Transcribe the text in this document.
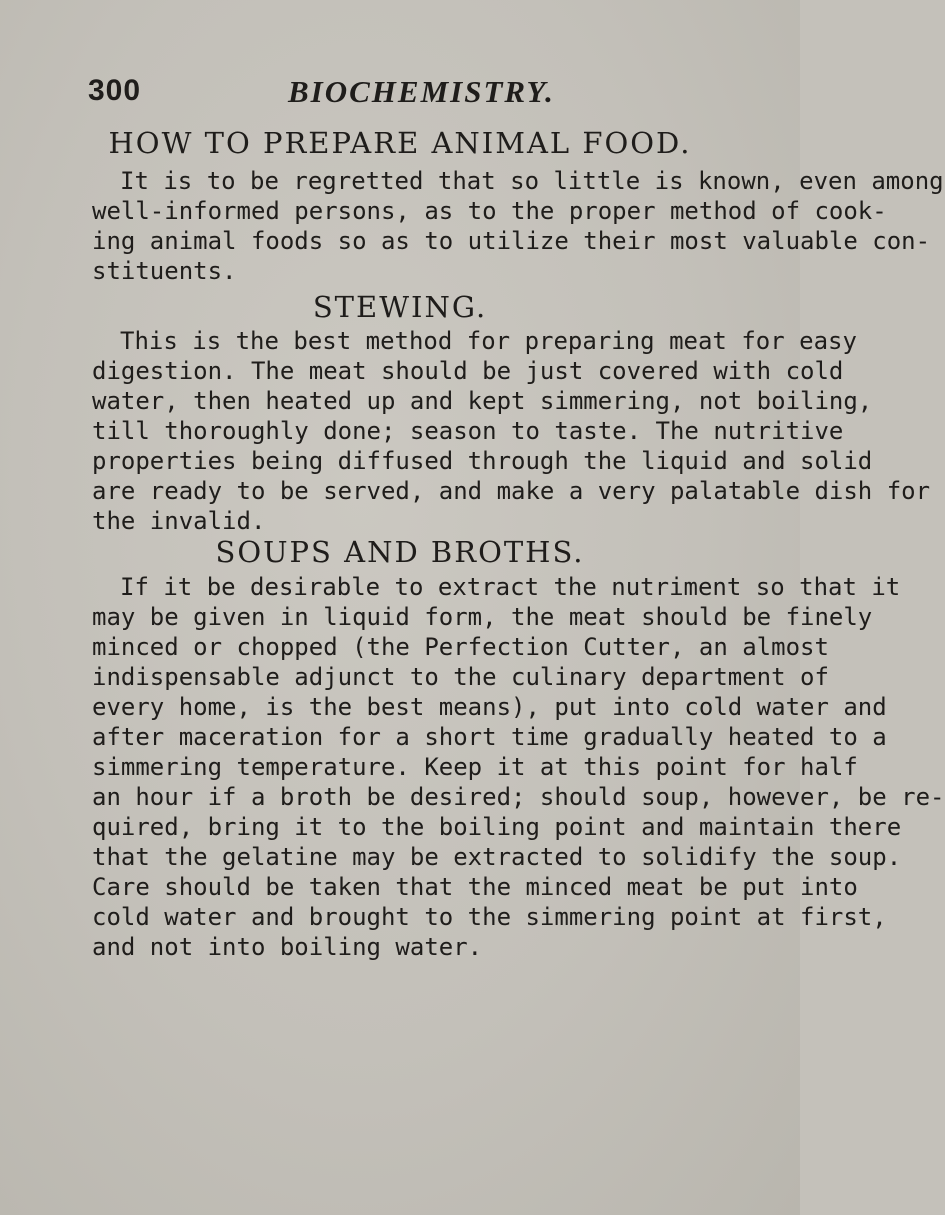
300	BIOCHEMISTRY.
HOW TO PREPARE ANIMAL FOOD.
It is to be regretted that so little is known, even among
well-informed persons, as to the proper method of cook-
ing animal foods so as to utilize their most valuable con-
stituents.
STEWING.
This is the best method for preparing meat for easy
digestion. The meat should be just covered with cold
water, then heated up and kept simmering, not boiling,
till thoroughly done; season to taste. The nutritive
properties being diffused through the liquid and solid
are ready to be served, and make a very palatable dish for
the invalid.
SOUPS AND BROTHS.
If it be desirable to extract the nutriment so that it
may be given in liquid form, the meat should be finely
minced or chopped (the Perfection Cutter, an almost
indispensable adjunct to the culinary department of
every home, is the best means), put into cold water and
after maceration for a short time gradually heated to a
simmering temperature. Keep it at this point for half
an hour if a broth be desired; should soup, however, be re-
quired, bring it to the boiling point and maintain there
that the gelatine may be extracted to solidify the soup.
Care should be taken that the minced meat be put into
cold water and brought to the simmering point at first,
and not into boiling water.
